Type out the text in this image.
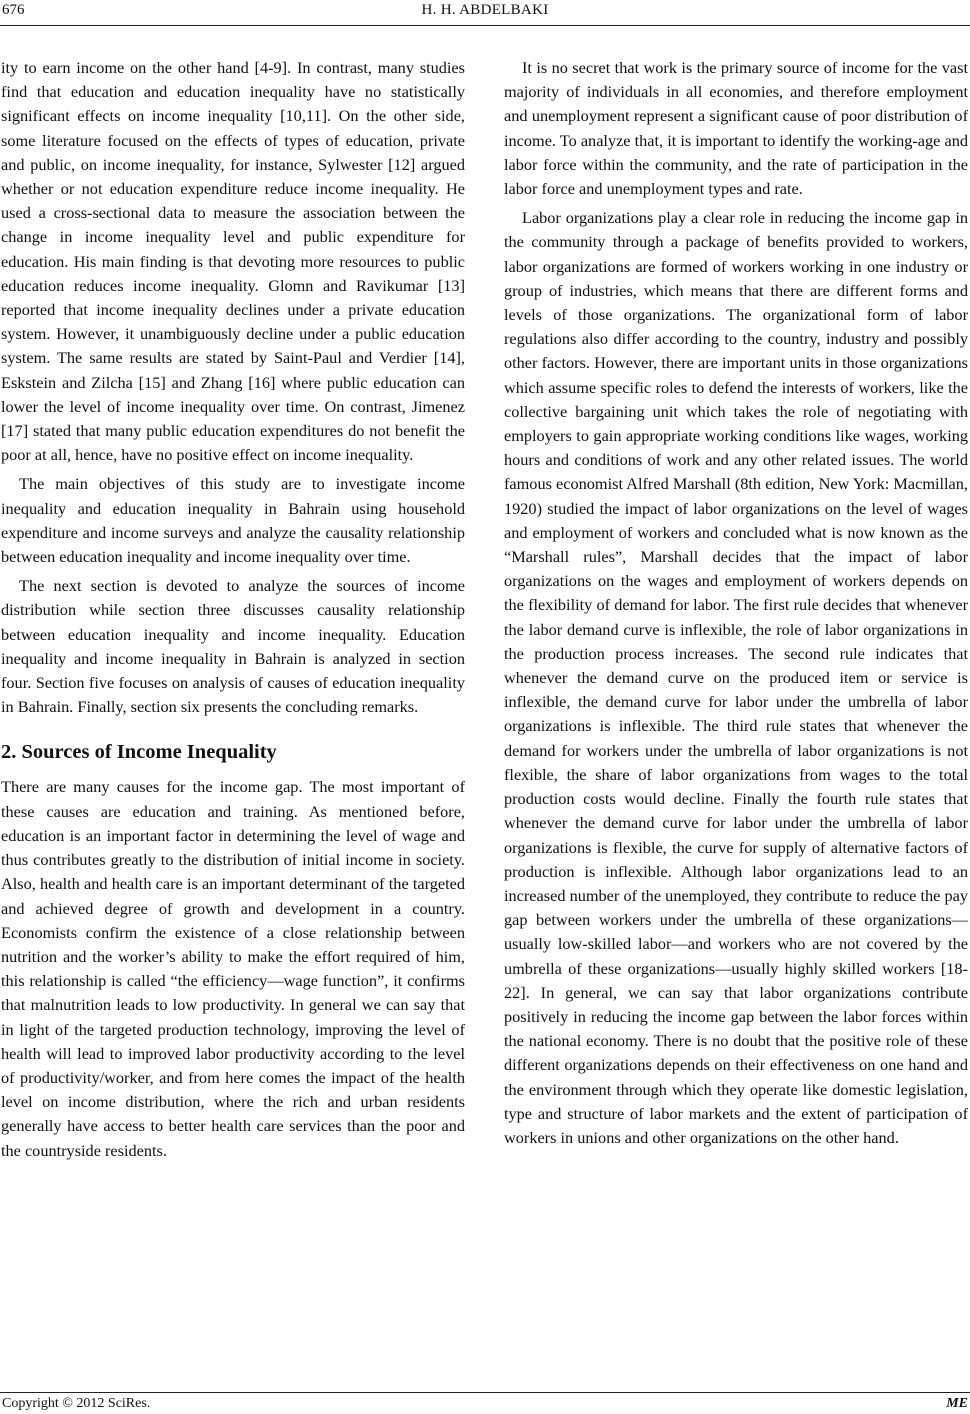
676	H. H. ABDELBAKI

ity to earn income on the other hand [4-9]. In contrast, many studies find that education and education inequality have no statistically significant effects on income inequality [10,11]. On the other side, some literature focused on the effects of types of education, private and public, on income inequality, for instance, Sylwester [12] argued whether or not education expenditure reduce income inequality. He used a cross-sectional data to measure the association between the change in income inequality level and public expenditure for education. His main finding is that devoting more resources to public education reduces income inequality. Glomn and Ravikumar [13] reported that income inequality declines under a private education system. However, it unambiguously decline under a public education system. The same results are stated by Saint-Paul and Verdier [14], Eskstein and Zilcha [15] and Zhang [16] where public education can lower the level of income inequality over time. On contrast, Jimenez [17] stated that many public education expenditures do not benefit the poor at all, hence, have no positive effect on income inequality.

The main objectives of this study are to investigate income inequality and education inequality in Bahrain using household expenditure and income surveys and analyze the causality relationship between education inequality and income inequality over time.

The next section is devoted to analyze the sources of income distribution while section three discusses causality relationship between education inequality and income inequality. Education inequality and income inequality in Bahrain is analyzed in section four. Section five focuses on analysis of causes of education inequality in Bahrain. Finally, section six presents the concluding remarks.

2. Sources of Income Inequality

There are many causes for the income gap. The most important of these causes are education and training. As mentioned before, education is an important factor in determining the level of wage and thus contributes greatly to the distribution of initial income in society. Also, health and health care is an important determinant of the targeted and achieved degree of growth and development in a country. Economists confirm the existence of a close relationship between nutrition and the worker’s ability to make the effort required of him, this relationship is called “the efficiency—wage function”, it confirms that malnutrition leads to low productivity. In general we can say that in light of the targeted production technology, improving the level of health will lead to improved labor productivity according to the level of productivity/worker, and from here comes the impact of the health level on income distribution, where the rich and urban residents generally have access to better health care services than the poor and the countryside residents.

It is no secret that work is the primary source of income for the vast majority of individuals in all economies, and therefore employment and unemployment represent a significant cause of poor distribution of income. To analyze that, it is important to identify the working-age and labor force within the community, and the rate of participation in the labor force and unemployment types and rate.

Labor organizations play a clear role in reducing the income gap in the community through a package of benefits provided to workers, labor organizations are formed of workers working in one industry or group of industries, which means that there are different forms and levels of those organizations. The organizational form of labor regulations also differ according to the country, industry and possibly other factors. However, there are important units in those organizations which assume specific roles to defend the interests of workers, like the collective bargaining unit which takes the role of negotiating with employers to gain appropriate working conditions like wages, working hours and conditions of work and any other related issues. The world famous economist Alfred Marshall (8th edition, New York: Macmillan, 1920) studied the impact of labor organizations on the level of wages and employment of workers and concluded what is now known as the “Marshall rules”, Marshall decides that the impact of labor organizations on the wages and employment of workers depends on the flexibility of demand for labor. The first rule decides that whenever the labor demand curve is inflexible, the role of labor organizations in the production process increases. The second rule indicates that whenever the demand curve on the produced item or service is inflexible, the demand curve for labor under the umbrella of labor organizations is inflexible. The third rule states that whenever the demand for workers under the umbrella of labor organizations is not flexible, the share of labor organizations from wages to the total production costs would decline. Finally the fourth rule states that whenever the demand curve for labor under the umbrella of labor organizations is flexible, the curve for supply of alternative factors of production is inflexible. Although labor organizations lead to an increased number of the unemployed, they contribute to reduce the pay gap between workers under the umbrella of these organizations—usually low-skilled labor—and workers who are not covered by the umbrella of these organizations—usually highly skilled workers [18-22]. In general, we can say that labor organizations contribute positively in reducing the income gap between the labor forces within the national economy. There is no doubt that the positive role of these different organizations depends on their effectiveness on one hand and the environment through which they operate like domestic legislation, type and structure of labor markets and the extent of participation of workers in unions and other organizations on the other hand.

Copyright © 2012 SciRes.	ME
